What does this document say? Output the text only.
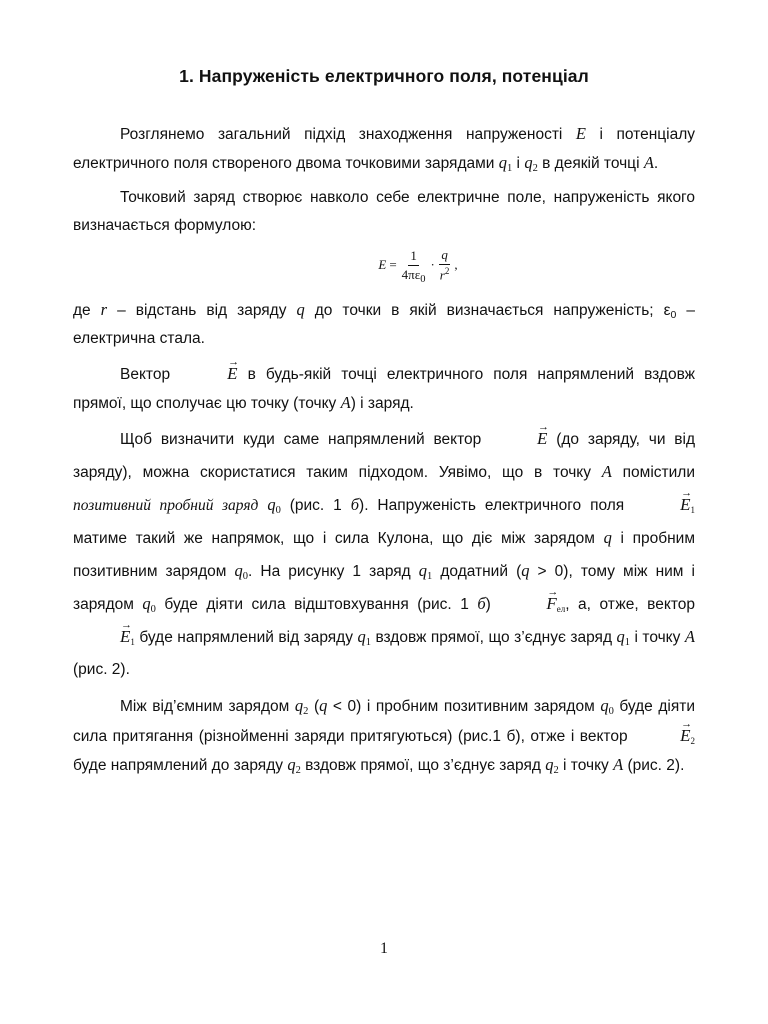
1. Напруженість електричного поля, потенціал

Розглянемо загальний підхід знаходження напруженості E і потенціалу електричного поля створеного двома точковими зарядами $q_1$ і $q_2$ в деякій точці A.

Точковий заряд створює навколо себе електричне поле, напруженість якого визначається формулою:

$E = \frac{1}{4\pi\varepsilon_0} \cdot \frac{q}{r^2}$ ,

де r – відстань від заряду q до точки в якій визначається напруженість; $\varepsilon_0$ – електрична стала.

Вектор
→
E в будь-якій точці електричного поля напрямлений вздовж прямої, що сполучає цю точку (точку A) і заряд.

Щоб визначити куди саме напрямлений вектор
→
E (до заряду, чи від заряду), можна скористатися таким підходом. Уявімо, що в точку A помістили позитивний пробний заряд $q_0$ (рис. 1 б). Напруженість електричного поля
→
$E_1$ матиме такий же напрямок, що і сила Кулона, що діє між зарядом q і пробним позитивним зарядом $q_0$. На рисунку 1 заряд $q_1$ додатний (q > 0), тому між ним і зарядом $q_0$ буде діяти сила відштовхування (рис. 1 б)
→
$F_{ел}$, а, отже, вектор
→
$E_1$ буде напрямлений від заряду $q_1$ вздовж прямої, що з’єднує заряд $q_1$ і точку A (рис. 2).

Між від’ємним зарядом $q_2$ (q < 0) і пробним позитивним зарядом $q_0$ буде діяти сила притягання (різнойменні заряди притягуються) (рис.1 б), отже і вектор
→
$E_2$ буде напрямлений до заряду $q_2$ вздовж прямої, що з’єднує заряд $q_2$ і точку A (рис. 2).

1
